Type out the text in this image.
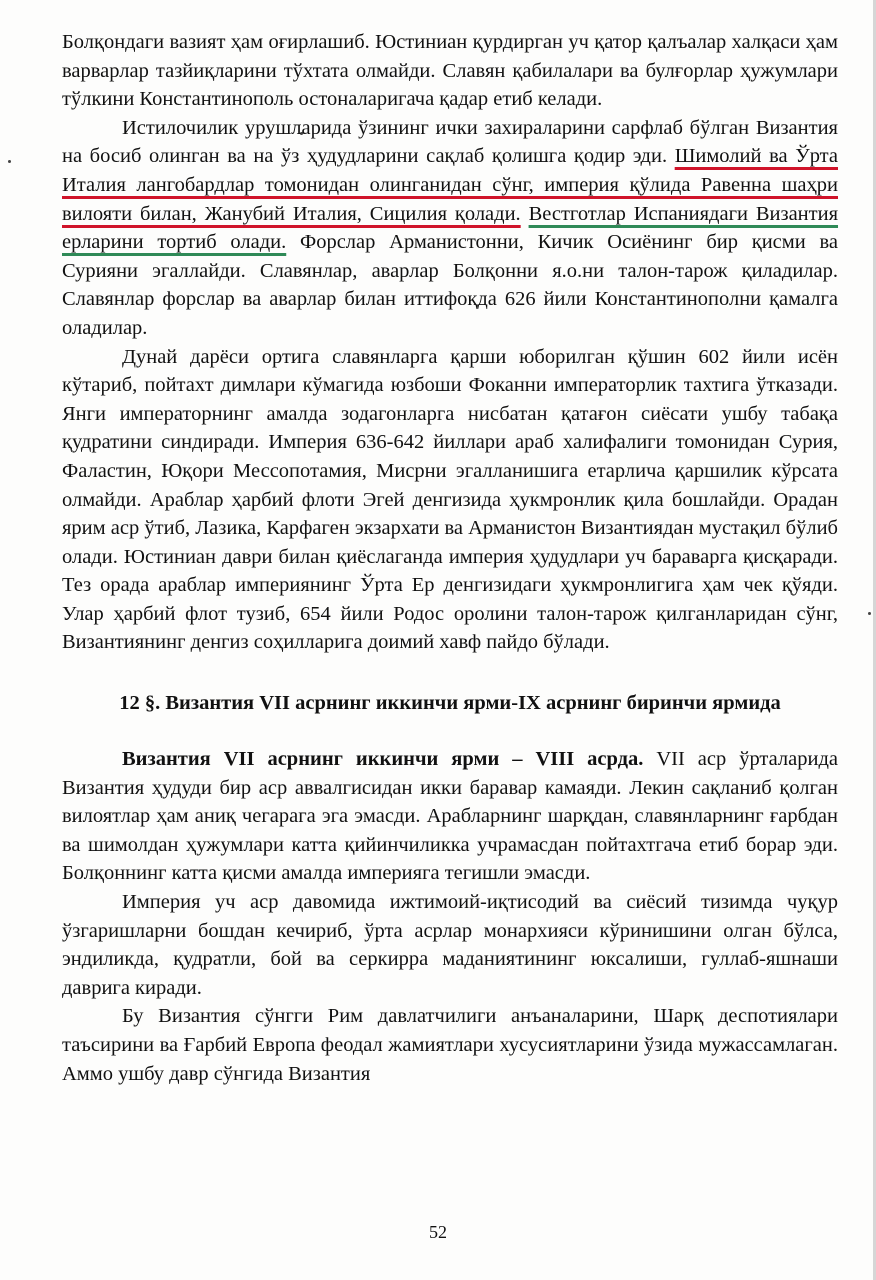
Болқондаги вазият ҳам оғирлашиб. Юстиниан қурдирган уч қатор қалъалар халқаси ҳам варварлар тазйиқларини тўхтата олмайди. Славян қабилалари ва булғорлар ҳужумлари тўлкини Константинополь остоналаригача қадар етиб келади.

Истилочилик урушларида ўзининг ички захираларини сарфлаб бўлган Византия на босиб олинган ва на ўз ҳудудларини сақлаб қолишга қодир эди. Шимолий ва Ўрта Италия лангобардлар томонидан олинганидан сўнг, империя қўлида Равенна шаҳри вилояти билан, Жанубий Италия, Сицилия қолади. Вестготлар Испаниядаги Византия ерларини тортиб олади. Форслар Арманистонни, Кичик Осиёнинг бир қисми ва Сурияни эгаллайди. Славянлар, аварлар Болқонни я.о.ни талон-тарож қиладилар. Славянлар форслар ва аварлар билан иттифоқда 626 йили Константинополни қамалга оладилар.

Дунай дарёси ортига славянларга қарши юборилган қўшин 602 йили исён кўтариб, пойтахт димлари кўмагида юзбоши Фоканни императорлик тахтига ўтказади. Янги императорнинг амалда зодагонларга нисбатан қатағон сиёсати ушбу табақа қудратини синдиради. Империя 636-642 йиллари араб халифалиги томонидан Сурия, Фаластин, Юқори Мессопотамия, Мисрни эгалланишига етарлича қаршилик кўрсата олмайди. Араблар ҳарбий флоти Эгей денгизида ҳукмронлик қила бошлайди. Орадан ярим аср ўтиб, Лазика, Карфаген экзархати ва Арманистон Византиядан мустақил бўлиб олади. Юстиниан даври билан қиёслаганда империя ҳудудлари уч бараварга қисқаради. Тез орада араблар империянинг Ўрта Ер денгизидаги ҳукмронлигига ҳам чек қўяди. Улар ҳарбий флот тузиб, 654 йили Родос оролини талон-тарож қилганларидан сўнг, Византиянинг денгиз соҳилларига доимий хавф пайдо бўлади.

12 §. Византия VII асрнинг иккинчи ярми-IX асрнинг биринчи ярмида

Византия VII асрнинг иккинчи ярми – VIII асрда. VII аср ўрталарида Византия ҳудуди бир аср аввалгисидан икки баравар камаяди. Лекин сақланиб қолган вилоятлар ҳам аниқ чегарага эга эмасди. Арабларнинг шарқдан, славянларнинг ғарбдан ва шимолдан ҳужумлари катта қийинчиликка учрамасдан пойтахтгача етиб борар эди. Болқоннинг катта қисми амалда империяга тегишли эмасди.

Империя уч аср давомида ижтимоий-иқтисодий ва сиёсий тизимда чуқур ўзгаришларни бошдан кечириб, ўрта асрлар монархияси кўринишини олган бўлса, эндиликда, қудратли, бой ва серкирра маданиятининг юксалиши, гуллаб-яшнаши даврига киради.

Бу Византия сўнгги Рим давлатчилиги анъаналарини, Шарқ деспотиялари таъсирини ва Ғарбий Европа феодал жамиятлари хусусиятларини ўзида мужассамлаган. Аммо ушбу давр сўнгида Византия

52
